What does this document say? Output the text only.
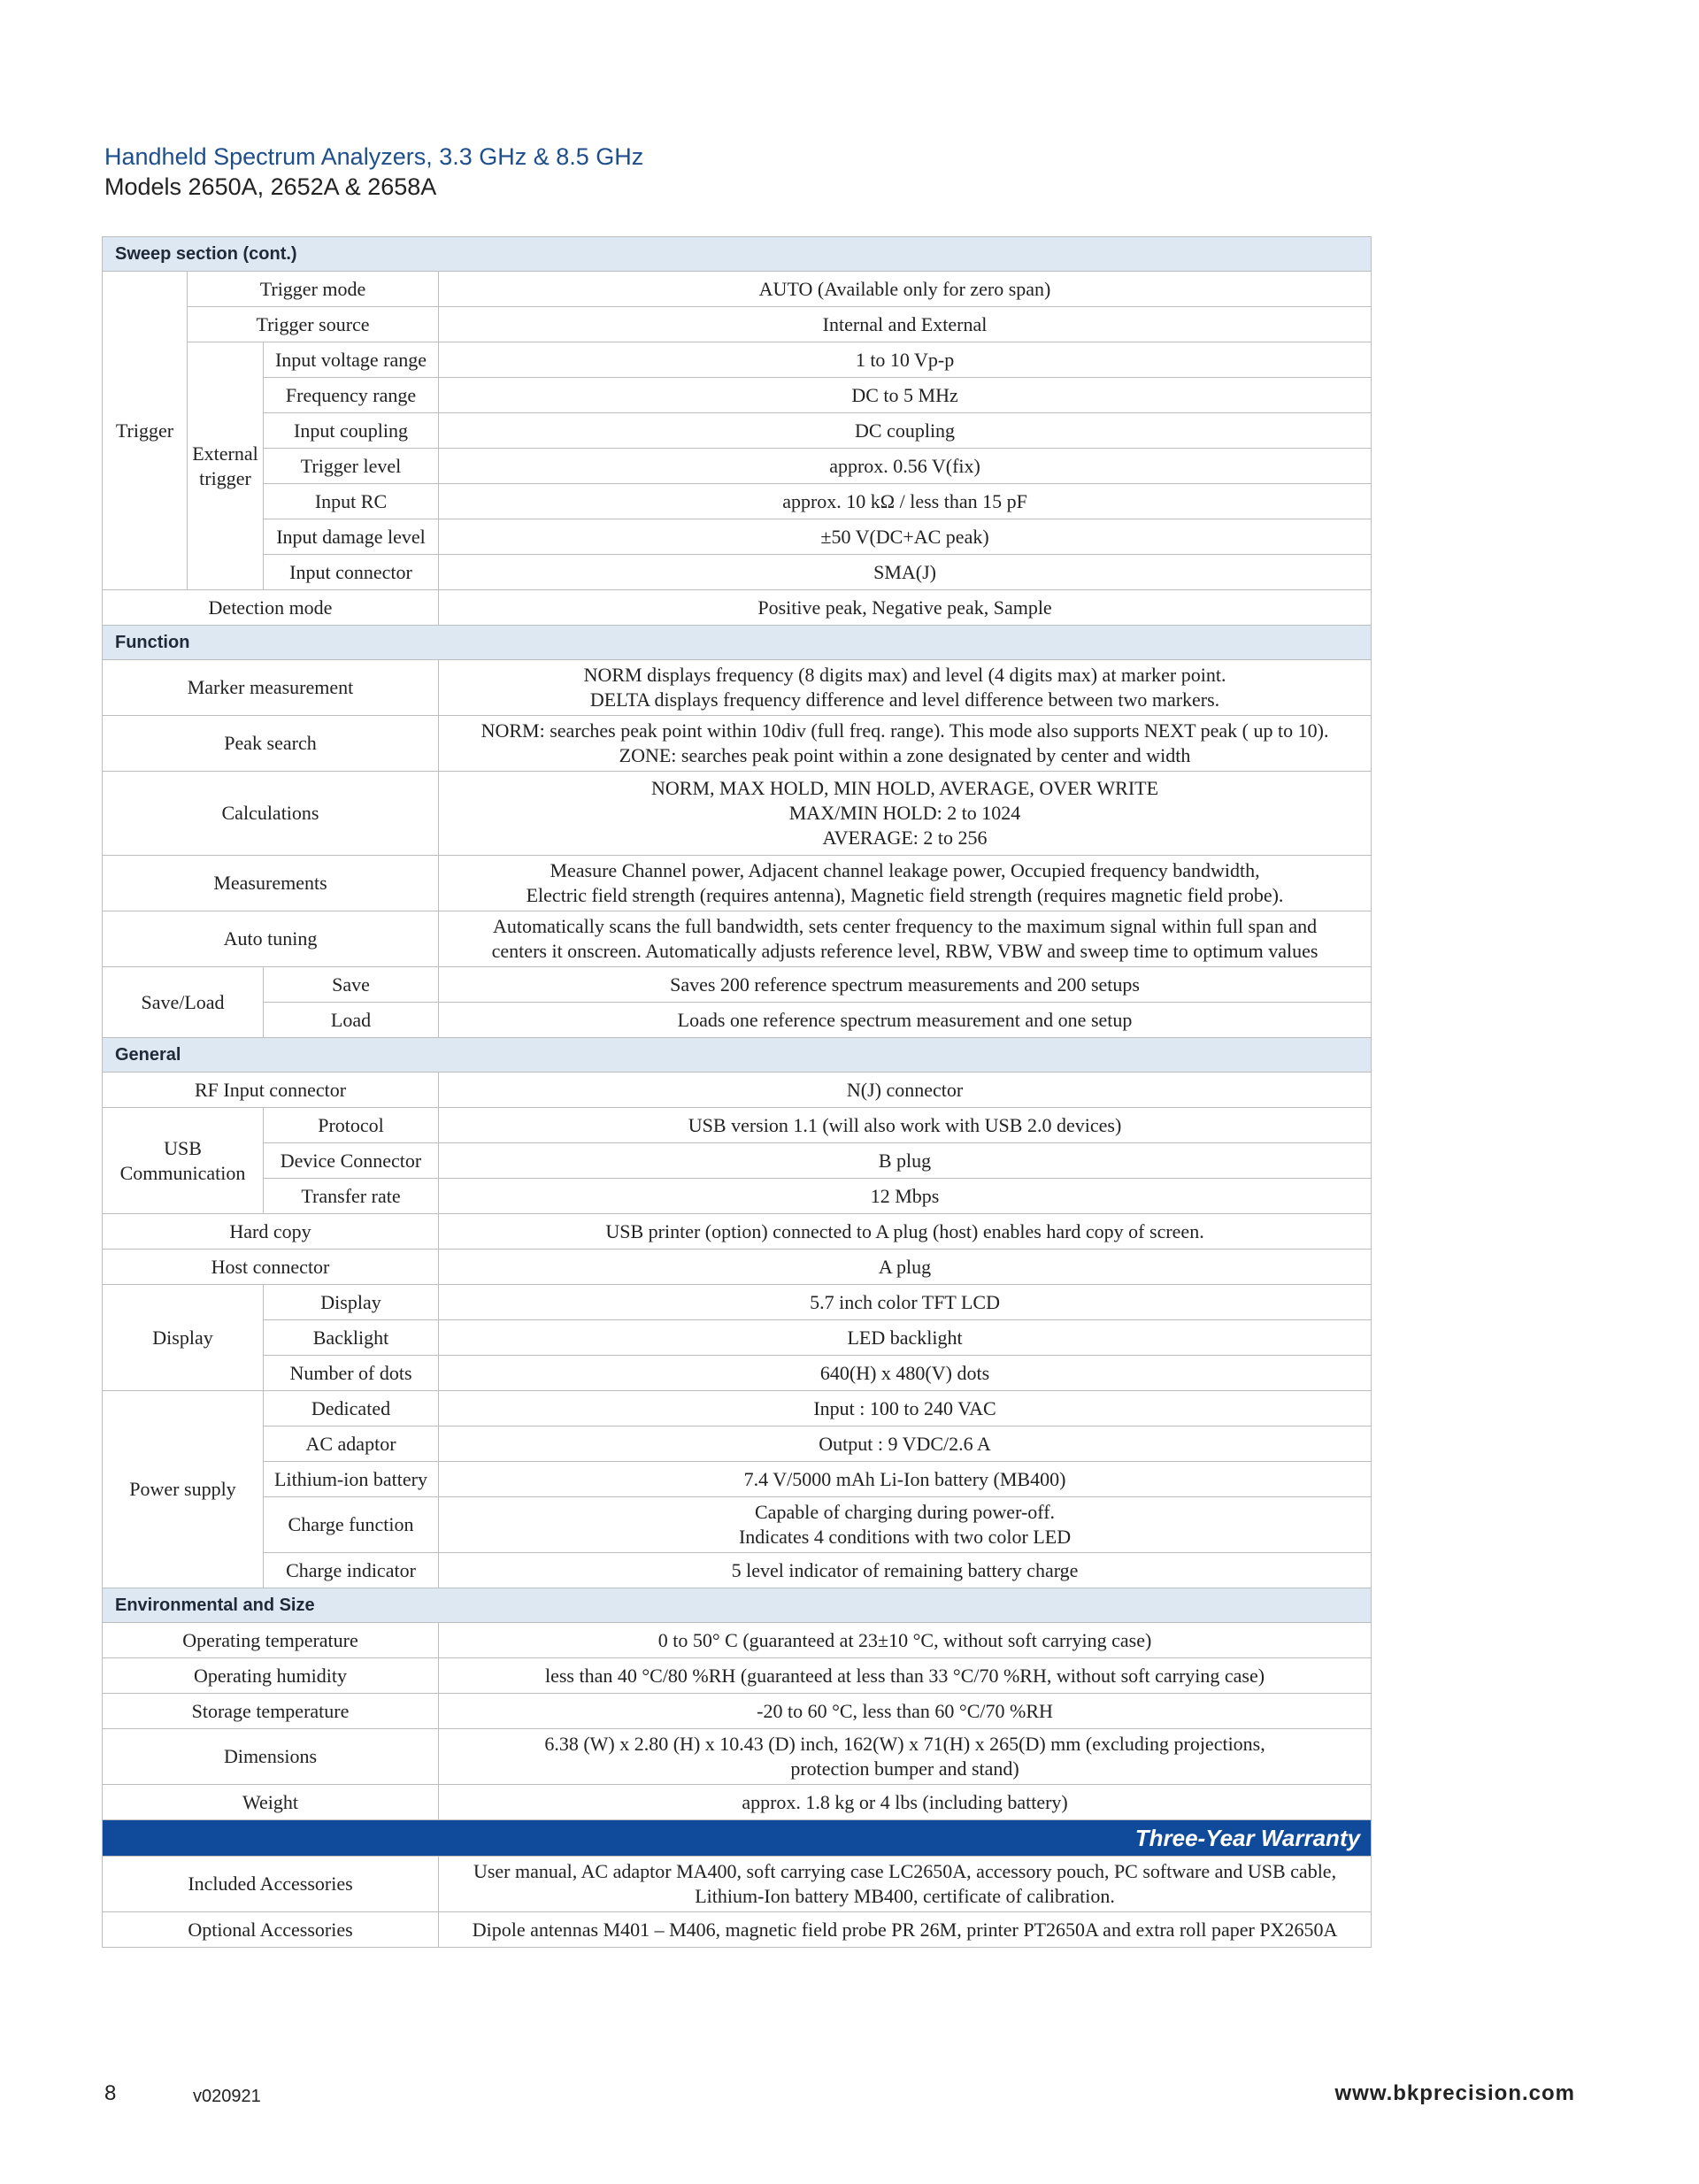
Handheld Spectrum Analyzers, 3.3 GHz & 8.5 GHz
Models 2650A, 2652A & 2658A
Sweep section (cont.)			
Trigger	Trigger mode		AUTO (Available only for zero span)
	Trigger source		Internal and External
	External trigger	Input voltage range	1 to 10 Vp-p
		Frequency range	DC to 5 MHz
		Input coupling	DC coupling
		Trigger level	approx. 0.56 V(fix)
		Input RC	approx. 10 kΩ / less than 15 pF
		Input damage level	±50 V(DC+AC peak)
		Input connector	SMA(J)
Detection mode			Positive peak, Negative peak, Sample
Function			
Marker measurement			NORM displays frequency (8 digits max) and level (4 digits max) at marker point.
DELTA displays frequency difference and level difference between two markers.

Peak search			NORM: searches peak point within 10div (full freq. range). This mode also supports NEXT peak ( up to 10).
ZONE: searches peak point within a zone designated by center and width

Calculations			NORM, MAX HOLD, MIN HOLD, AVERAGE, OVER WRITE
MAX/MIN HOLD: 2 to 1024
AVERAGE: 2 to 256

Measurements			Measure Channel power, Adjacent channel leakage power, Occupied frequency bandwidth,
Electric field strength (requires antenna), Magnetic field strength (requires magnetic field probe).

Auto tuning			Automatically scans the full bandwidth, sets center frequency to the maximum signal within full span and
centers it onscreen. Automatically adjusts reference level, RBW, VBW and sweep time to optimum values

Save/Load		Save	Saves 200 reference spectrum measurements and 200 setups
		Load	Loads one reference spectrum measurement and one setup
General			
RF Input connector			N(J) connector
USB Communication		Protocol	USB version 1.1 (will also work with USB 2.0 devices)
		Device Connector	B plug
		Transfer rate	12 Mbps
Hard copy			USB printer (option) connected to A plug (host) enables hard copy of screen.
Host connector			A plug
Display		Display	5.7 inch color TFT LCD
		Backlight	LED backlight
		Number of dots	640(H) x 480(V) dots
Power supply		Dedicated	Input : 100 to 240 VAC
		AC adaptor	Output : 9 VDC/2.6 A
		Lithium-ion battery	7.4 V/5000 mAh Li-Ion battery (MB400)
		Charge function	Capable of charging during power-off.
Indicates 4 conditions with two color LED

		Charge indicator	5 level indicator of remaining battery charge
Environmental and Size			
Operating temperature			0 to 50° C (guaranteed at 23±10 °C, without soft carrying case)
Operating humidity			less than 40 °C/80 %RH (guaranteed at less than 33 °C/70 %RH, without soft carrying case)
Storage temperature			-20 to 60 °C, less than 60 °C/70 %RH
Dimensions			6.38 (W) x 2.80 (H) x 10.43 (D) inch, 162(W) x 71(H) x 265(D) mm (excluding projections,
protection bumper and stand)

Weight			approx. 1.8 kg or 4 lbs (including battery)
Three-Year Warranty			
Included Accessories			User manual, AC adaptor MA400, soft carrying case LC2650A, accessory pouch, PC software and USB cable,
Lithium-Ion battery MB400, certificate of calibration.

Optional Accessories			Dipole antennas M401 – M406, magnetic field probe PR 26M, printer PT2650A and extra roll paper PX2650A
8	v020921	www.bkprecision.com
